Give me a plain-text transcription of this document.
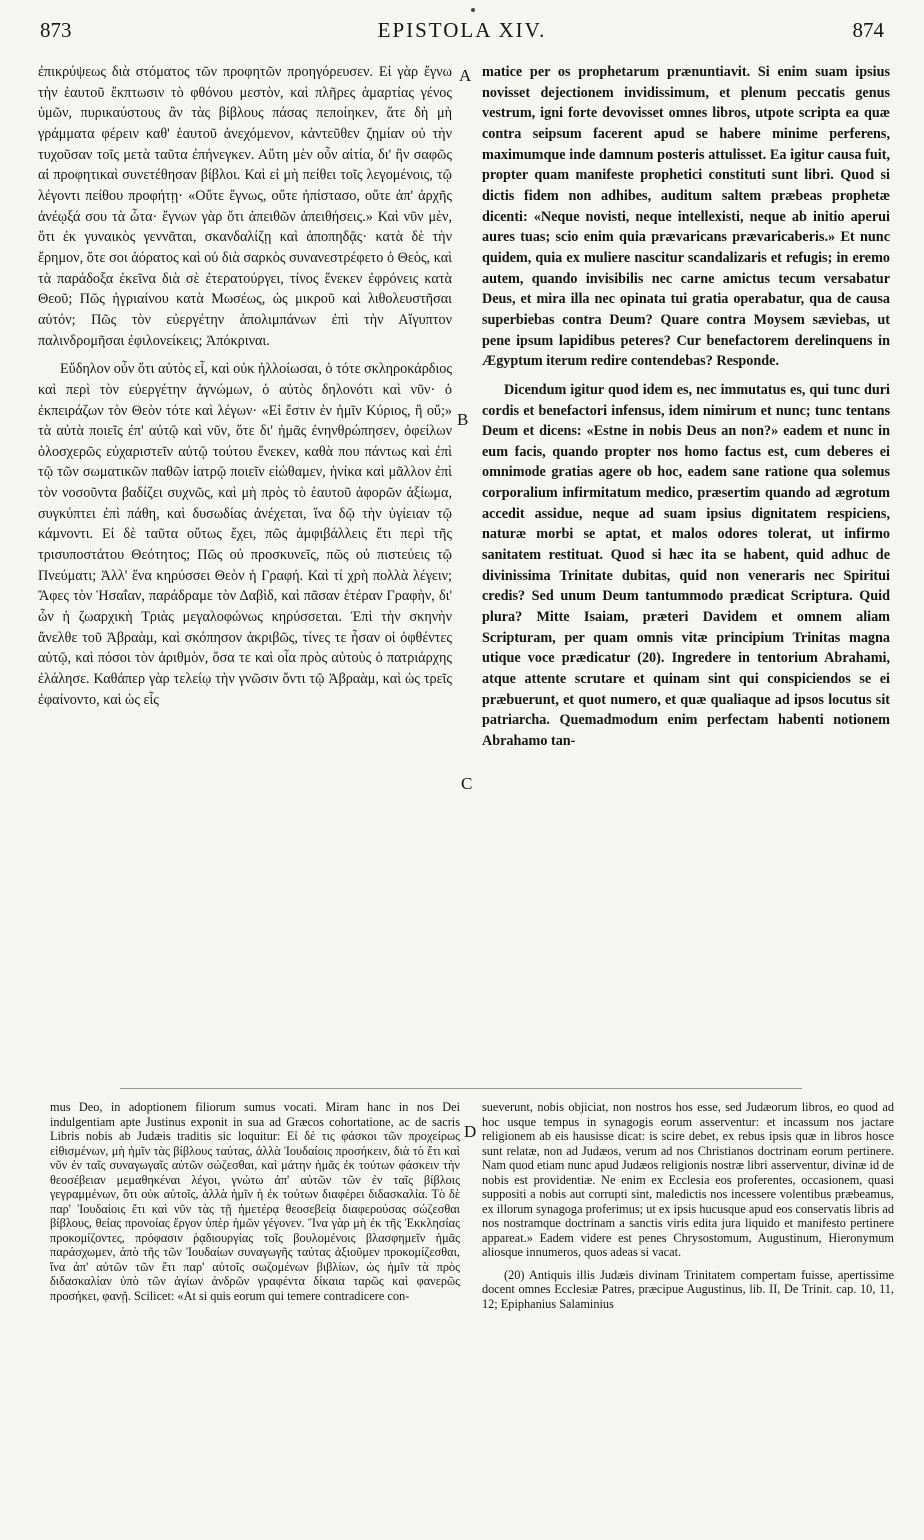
873	EPISTOLA XIV.	874

ἐπικρύψεως διὰ στόματος τῶν προφητῶν προηγόρευσεν. Εἰ γὰρ ἔγνω τὴν ἑαυτοῦ ἔκπτωσιν τὸ φθόνου μεστὸν, καὶ πλῆρες ἁμαρτίας γένος ὑμῶν, πυρικαύστους ἂν τὰς βίβλους πάσας πεποίηκεν, ἅτε δὴ μὴ γράμματα φέρειν καθ' ἑαυτοῦ ἀνεχόμενον, κἀντεῦθεν ζημίαν οὐ τὴν τυχοῦσαν τοῖς μετὰ ταῦτα ἐπήνεγκεν. Αὕτη μὲν οὖν αἰτία, δι' ἣν σαφῶς αἱ προφητικαὶ συνετέθησαν βίβλοι. Καὶ εἰ μὴ πείθει τοῖς λεγομένοις, τῷ λέγοντι πείθου προφήτῃ· «Οὔτε ἔγνως, οὔτε ἠπίστασο, οὔτε ἀπ' ἀρχῆς ἀνέῳξά σου τὰ ὦτα· ἔγνων γὰρ ὅτι ἀπειθῶν ἀπειθήσεις.» Καὶ νῦν μὲν, ὅτι ἐκ γυναικὸς γεννᾶται, σκανδαλίζῃ καὶ ἀποπηδᾷς· κατὰ δὲ τὴν ἔρημον, ὅτε σοι ἀόρατος καὶ οὐ διὰ σαρκὸς συνανεστρέφετο ὁ Θεὸς, καὶ τὰ παράδοξα ἐκεῖνα διὰ σὲ ἐτερατούργει, τίνος ἕνεκεν ἐφρόνεις κατὰ Θεοῦ; Πῶς ἠγριαίνου κατὰ Μωσέως, ὡς μικροῦ καὶ λιθολευστῆσαι αὐτόν; Πῶς τὸν εὐεργέτην ἀπολιμπάνων ἐπὶ τὴν Αἴγυπτον παλινδρομῆσαι ἐφιλονείκεις; Ἀπόκριναι.

Εὔδηλον οὖν ὅτι αὐτὸς εἶ, καὶ οὐκ ἠλλοίωσαι, ὁ τότε σκληροκάρδιος καὶ περὶ τὸν εὐεργέτην ἀγνώμων, ὁ αὐτὸς δηλονότι καὶ νῦν· ὁ ἐκπειράζων τὸν Θεὸν τότε καὶ λέγων· «Εἰ ἔστιν ἐν ἡμῖν Κύριος, ἢ οὔ;» τὰ αὐτὰ ποιεῖς ἐπ' αὐτῷ καὶ νῦν, ὅτε δι' ἡμᾶς ἐνηνθρώπησεν, ὀφείλων ὁλοσχερῶς εὐχαριστεῖν αὐτῷ τούτου ἕνεκεν, καθὰ που πάντως καὶ ἐπὶ τῷ τῶν σωματικῶν παθῶν ἰατρῷ ποιεῖν εἰώθαμεν, ἡνίκα καὶ μᾶλλον ἐπὶ τὸν νοσοῦντα βαδίζει συχνῶς, καὶ μὴ πρὸς τὸ ἑαυτοῦ ἀφορῶν ἀξίωμα, συγκύπτει ἐπὶ πάθη, καὶ δυσωδίας ἀνέχεται, ἵνα δῷ τὴν ὑγίειαν τῷ κάμνοντι. Εἰ δὲ ταῦτα οὕτως ἔχει, πῶς ἀμφιβάλλεις ἔτι περὶ τῆς τρισυποστάτου Θεότητος; Πῶς οὐ προσκυνεῖς, πῶς οὐ πιστεύεις τῷ Πνεύματι; Ἀλλ' ἕνα κηρύσσει Θεὸν ἡ Γραφή. Καὶ τί χρὴ πολλὰ λέγειν; Ἄφες τὸν Ἡσαΐαν, παράδραμε τὸν Δαβὶδ, καὶ πᾶσαν ἑτέραν Γραφὴν, δι' ὧν ἡ ζωαρχικὴ Τριὰς μεγαλοφώνως κηρύσσεται. Ἐπὶ τὴν σκηνὴν ἄνελθε τοῦ Ἀβραὰμ, καὶ σκόπησον ἀκριβῶς, τίνες τε ἦσαν οἱ ὀφθέντες αὐτῷ, καὶ πόσοι τὸν ἀριθμὸν, ὅσα τε καὶ οἷα πρὸς αὐτοὺς ὁ πατριάρχης ἐλάλησε. Καθάπερ γὰρ τελείῳ τὴν γνῶσιν ὄντι τῷ Ἀβραὰμ, καὶ ὡς τρεῖς ἐφαίνοντο, καὶ ὡς εἷς

matice per os prophetarum prænuntiavit. Si enim suam ipsius novisset dejectionem invidissimum, et plenum peccatis genus vestrum, igni forte devovisset omnes libros, utpote scripta ea quæ contra seipsum facerent apud se habere minime perferens, maximumque inde damnum posteris attulisset. Ea igitur causa fuit, propter quam manifeste prophetici constituti sunt libri. Quod si dictis fidem non adhibes, auditum saltem præbeas prophetæ dicenti: «Neque novisti, neque intellexisti, neque ab initio aperui aures tuas; scio enim quia prævaricans prævaricaberis.» Et nunc quidem, quia ex muliere nascitur scandalizaris et refugis; in eremo autem, quando invisibilis nec carne amictus tecum versabatur Deus, et mira illa nec opinata tui gratia operabatur, qua de causa superbiebas contra Deum? Quare contra Moysem sæviebas, ut pene ipsum lapidibus peteres? Cur benefactorem derelinquens in Ægyptum iterum redire contendebas? Responde.

Dicendum igitur quod idem es, nec immutatus es, qui tunc duri cordis et benefactori infensus, idem nimirum et nunc; tunc tentans Deum et dicens: «Estne in nobis Deus an non?» eadem et nunc in eum facis, quando propter nos homo factus est, cum deberes ei omnimode gratias agere ob hoc, eadem sane ratione qua solemus corporalium infirmitatum medico, præsertim quando ad ægrotum accedit assidue, neque ad suam ipsius dignitatem respiciens, naturæ morbi se aptat, et malos odores tolerat, ut infirmo sanitatem restituat. Quod si hæc ita se habent, quid adhuc de divinissima Trinitate dubitas, quid non veneraris nec Spiritui credis? Sed unum Deum tantummodo prædicat Scriptura. Quid plura? Mitte Isaiam, præteri Davidem et omnem aliam Scripturam, per quam omnis vitæ principium Trinitas magna utique voce prædicatur (20). Ingredere in tentorium Abrahami, atque attente scrutare et quinam sint qui conspiciendos se ei præbuerunt, et quot numero, et quæ qualiaque ad ipsos locutus sit patriarcha. Quemadmodum enim perfectam habenti notionem Abrahamo tan-

A
B
C
D

mus Deo, in adoptionem filiorum sumus vocati. Miram hanc in nos Dei indulgentiam apte Justinus exponit in sua ad Græcos cohortatione, ac de sacris Libris nobis ab Judæis traditis sic loquitur: Εἰ δέ τις φάσκοι τῶν προχείρως εἰθισμένων, μὴ ἡμῖν τὰς βίβλους ταύτας, ἀλλὰ Ἰουδαίοις προσήκειν, διὰ τὸ ἔτι καὶ νῦν ἐν ταῖς συναγωγαῖς αὐτῶν σώζεσθαι, καὶ μάτην ἡμᾶς ἐκ τούτων φάσκειν τὴν θεοσέβειαν μεμαθηκέναι λέγοι, γνώτω ἀπ' αὐτῶν τῶν ἐν ταῖς βίβλοις γεγραμμένων, ὅτι οὐκ αὐτοῖς, ἀλλὰ ἡμῖν ἡ ἐκ τούτων διαφέρει διδασκαλία. Τὸ δὲ παρ' Ἰουδαίοις ἔτι καὶ νῦν τὰς τῇ ἡμετέρᾳ θεοσεβείᾳ διαφερούσας σώζεσθαι βίβλους, θείας προνοίας ἔργον ὑπὲρ ἡμῶν γέγονεν. Ἵνα γὰρ μὴ ἐκ τῆς Ἐκκλησίας προκομίζοντες, πρόφασιν ῥᾳδιουργίας τοῖς βουλομένοις βλασφημεῖν ἡμᾶς παράσχωμεν, ἀπὸ τῆς τῶν Ἰουδαίων συναγωγῆς ταύτας ἀξιοῦμεν προκομίζεσθαι, ἵνα ἀπ' αὐτῶν τῶν ἔτι παρ' αὐτοῖς σωζομένων βιβλίων, ὡς ἡμῖν τὰ πρὸς διδασκαλίαν ὑπὸ τῶν ἁγίων ἀνδρῶν γραφέντα δίκαια ταρῶς καὶ φανερῶς προσήκει, φανῇ. Scilicet: «At si quis eorum qui temere contradicere con-

sueverunt, nobis objiciat, non nostros hos esse, sed Judæorum libros, eo quod ad hoc usque tempus in synagogis eorum asserventur: et incassum nos jactare religionem ab eis hausisse dicat: is scire debet, ex rebus ipsis quæ in libros hosce sunt relatæ, non ad Judæos, verum ad nos Christianos doctrinam eorum pertinere. Nam quod etiam nunc apud Judæos religionis nostræ libri asserventur, divinæ id de nobis est providentiæ. Ne enim ex Ecclesia eos proferentes, occasionem, quasi suppositi a nobis aut corrupti sint, maledictis nos incessere volentibus præbeamus, ex illorum synagoga proferimus; ut ex ipsis hucusque apud eos conservatis libris ad nos nostramque doctrinam a sanctis viris edita jura liquido et manifesto pertinere appareat.» Eadem videre est penes Chrysostomum, Augustinum, Hieronymum aliosque innumeros, quos adeas si vacat.

(20) Antiquis illis Judæis divinam Trinitatem compertam fuisse, apertissime docent omnes Ecclesiæ Patres, præcipue Augustinus, lib. II, De Trinit. cap. 10, 11, 12; Epiphanius Salaminius
